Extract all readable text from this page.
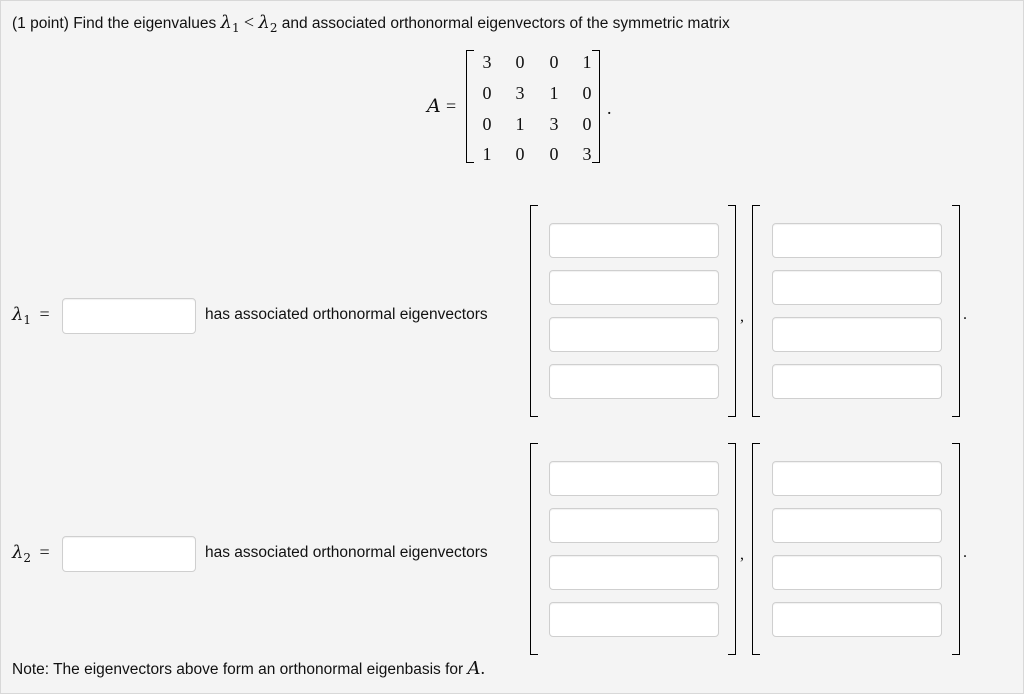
(1 point) Find the eigenvalues $\lambda_1 < \lambda_2$ and associated orthonormal eigenvectors of the symmetric matrix
A =
3	0	0	1
0	3	1	0
0	1	3	0
1	0	0	3
.
$\lambda_1$ =	has associated orthonormal eigenvectors	,	.
$\lambda_2$ =	has associated orthonormal eigenvectors	,	.
Note: The eigenvectors above form an orthonormal eigenbasis for A.
